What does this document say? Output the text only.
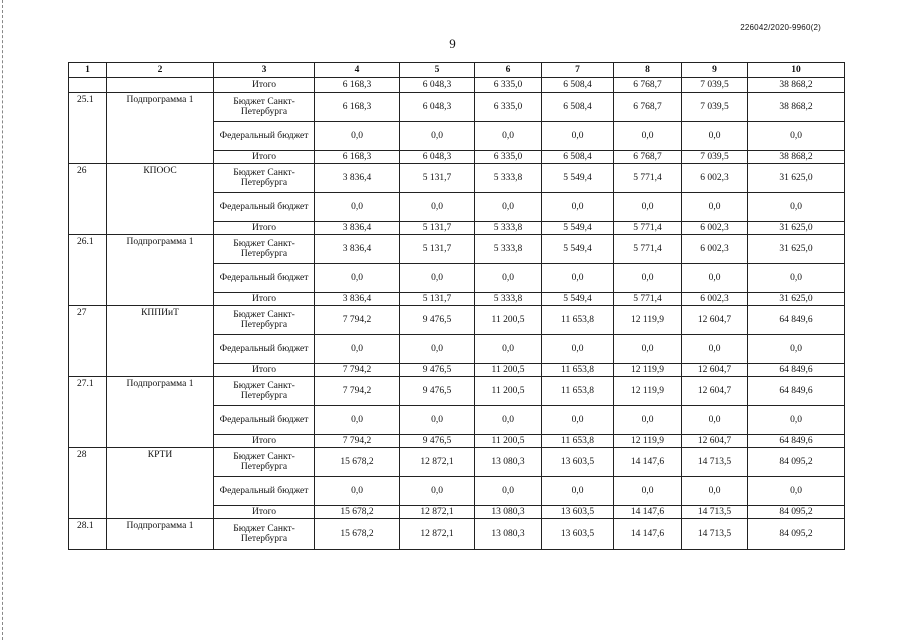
226042/2020-9960(2)
9
1	2	3	4	5	6	7	8	9	10
		Итого	6 168,3	6 048,3	6 335,0	6 508,4	6 768,7	7 039,5	38 868,2
25.1	Подпрограмма 1	Бюджет Санкт-Петербурга	6 168,3	6 048,3	6 335,0	6 508,4	6 768,7	7 039,5	38 868,2
		Федеральный бюджет	0,0	0,0	0,0	0,0	0,0	0,0	0,0
		Итого	6 168,3	6 048,3	6 335,0	6 508,4	6 768,7	7 039,5	38 868,2
26	КПООС	Бюджет Санкт-Петербурга	3 836,4	5 131,7	5 333,8	5 549,4	5 771,4	6 002,3	31 625,0
		Федеральный бюджет	0,0	0,0	0,0	0,0	0,0	0,0	0,0
		Итого	3 836,4	5 131,7	5 333,8	5 549,4	5 771,4	6 002,3	31 625,0
26.1	Подпрограмма 1	Бюджет Санкт-Петербурга	3 836,4	5 131,7	5 333,8	5 549,4	5 771,4	6 002,3	31 625,0
		Федеральный бюджет	0,0	0,0	0,0	0,0	0,0	0,0	0,0
		Итого	3 836,4	5 131,7	5 333,8	5 549,4	5 771,4	6 002,3	31 625,0
27	КППИиТ	Бюджет Санкт-Петербурга	7 794,2	9 476,5	11 200,5	11 653,8	12 119,9	12 604,7	64 849,6
		Федеральный бюджет	0,0	0,0	0,0	0,0	0,0	0,0	0,0
		Итого	7 794,2	9 476,5	11 200,5	11 653,8	12 119,9	12 604,7	64 849,6
27.1	Подпрограмма 1	Бюджет Санкт-Петербурга	7 794,2	9 476,5	11 200,5	11 653,8	12 119,9	12 604,7	64 849,6
		Федеральный бюджет	0,0	0,0	0,0	0,0	0,0	0,0	0,0
		Итого	7 794,2	9 476,5	11 200,5	11 653,8	12 119,9	12 604,7	64 849,6
28	КРТИ	Бюджет Санкт-Петербурга	15 678,2	12 872,1	13 080,3	13 603,5	14 147,6	14 713,5	84 095,2
		Федеральный бюджет	0,0	0,0	0,0	0,0	0,0	0,0	0,0
		Итого	15 678,2	12 872,1	13 080,3	13 603,5	14 147,6	14 713,5	84 095,2
28.1	Подпрограмма 1	Бюджет Санкт-Петербурга	15 678,2	12 872,1	13 080,3	13 603,5	14 147,6	14 713,5	84 095,2
